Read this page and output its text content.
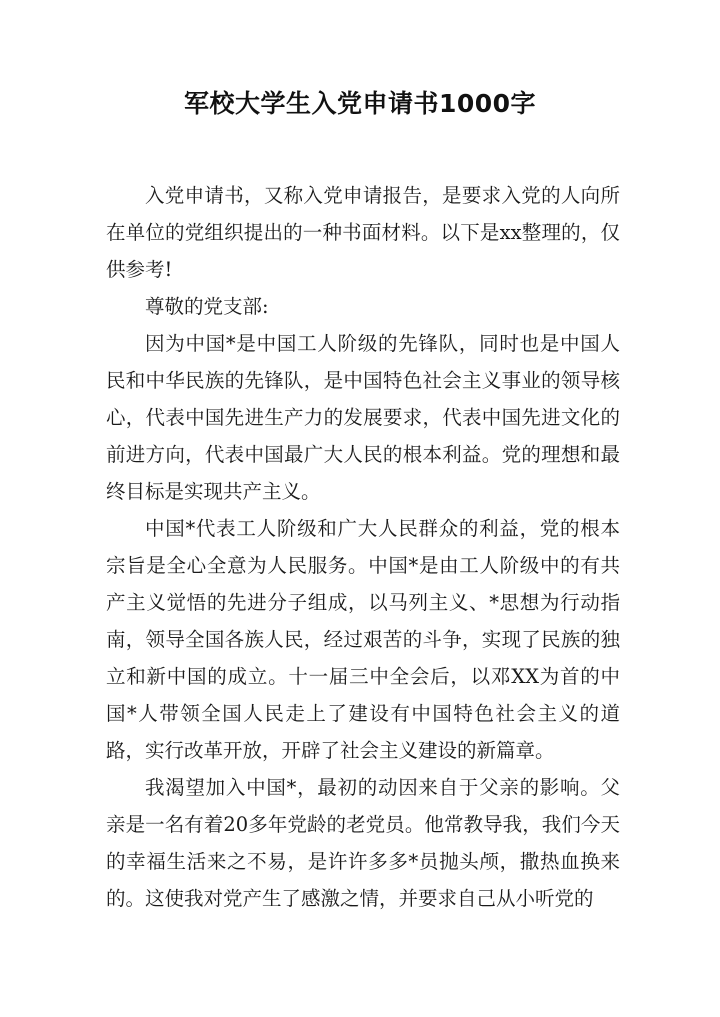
军校大学生入党申请书1000字

入党申请书，又称入党申请报告，是要求入党的人向所在单位的党组织提出的一种书面材料。以下是xx整理的，仅供参考!

尊敬的党支部:

因为中国*是中国工人阶级的先锋队，同时也是中国人民和中华民族的先锋队，是中国特色社会主义事业的领导核心，代表中国先进生产力的发展要求，代表中国先进文化的前进方向，代表中国最广大人民的根本利益。党的理想和最终目标是实现共产主义。

中国*代表工人阶级和广大人民群众的利益，党的根本宗旨是全心全意为人民服务。中国*是由工人阶级中的有共产主义觉悟的先进分子组成，以马列主义、*思想为行动指南，领导全国各族人民，经过艰苦的斗争，实现了民族的独立和新中国的成立。十一届三中全会后，以邓XX为首的中国*人带领全国人民走上了建设有中国特色社会主义的道路，实行改革开放，开辟了社会主义建设的新篇章。

我渴望加入中国*，最初的动因来自于父亲的影响。父亲是一名有着20多年党龄的老党员。他常教导我，我们今天的幸福生活来之不易，是许许多多*员抛头颅，撒热血换来的。这使我对党产生了感激之情，并要求自己从小听党的
